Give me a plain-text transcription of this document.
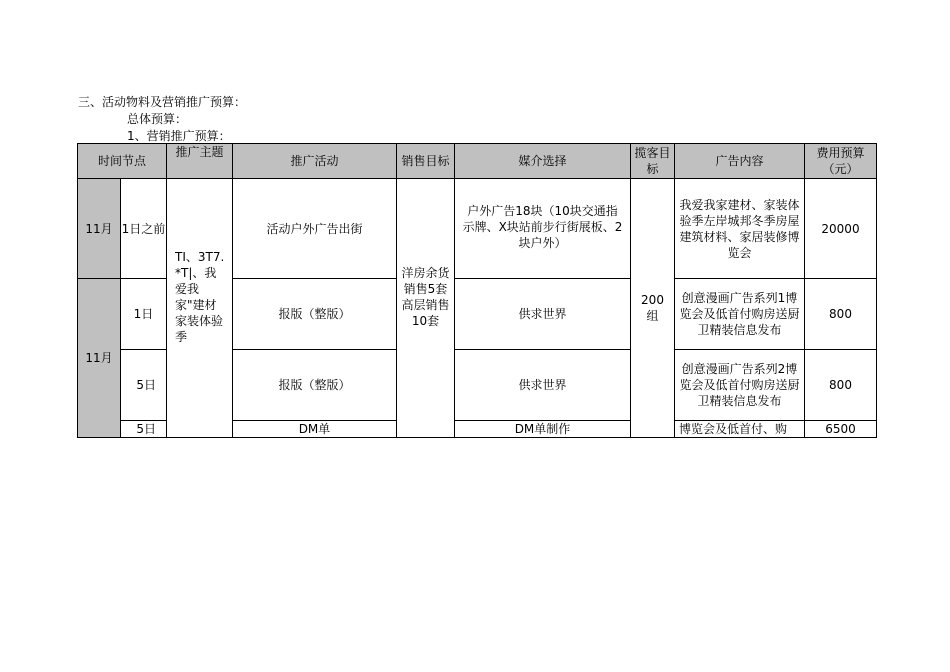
三、活动物料及营销推广预算：
总体预算：
1、营销推广预算：
时间节点		推广主题	推广活动	销售目标	媒介选择	揽客目标	广告内容	费用预算（元）
11月	1日之前	TI、3T7.*T|、我爱我家"建材家装体验季	活动户外广告出街	洋房余货销售5套高层销售10套	户外广告18块（10块交通指示牌、X块站前步行街展板、2块户外）	200组	我爱我家建材、家装体验季左岸城邦冬季房屋建筑材料、家居装修博览会	20000
11月	1日		报版（整版）		供求世界		创意漫画广告系列1博览会及低首付购房送厨卫精装信息发布	800
	5日		报版（整版）		供求世界		创意漫画广告系列2博览会及低首付购房送厨卫精装信息发布	800
	5日		DM单		DM单制作		博览会及低首付、购	6500
